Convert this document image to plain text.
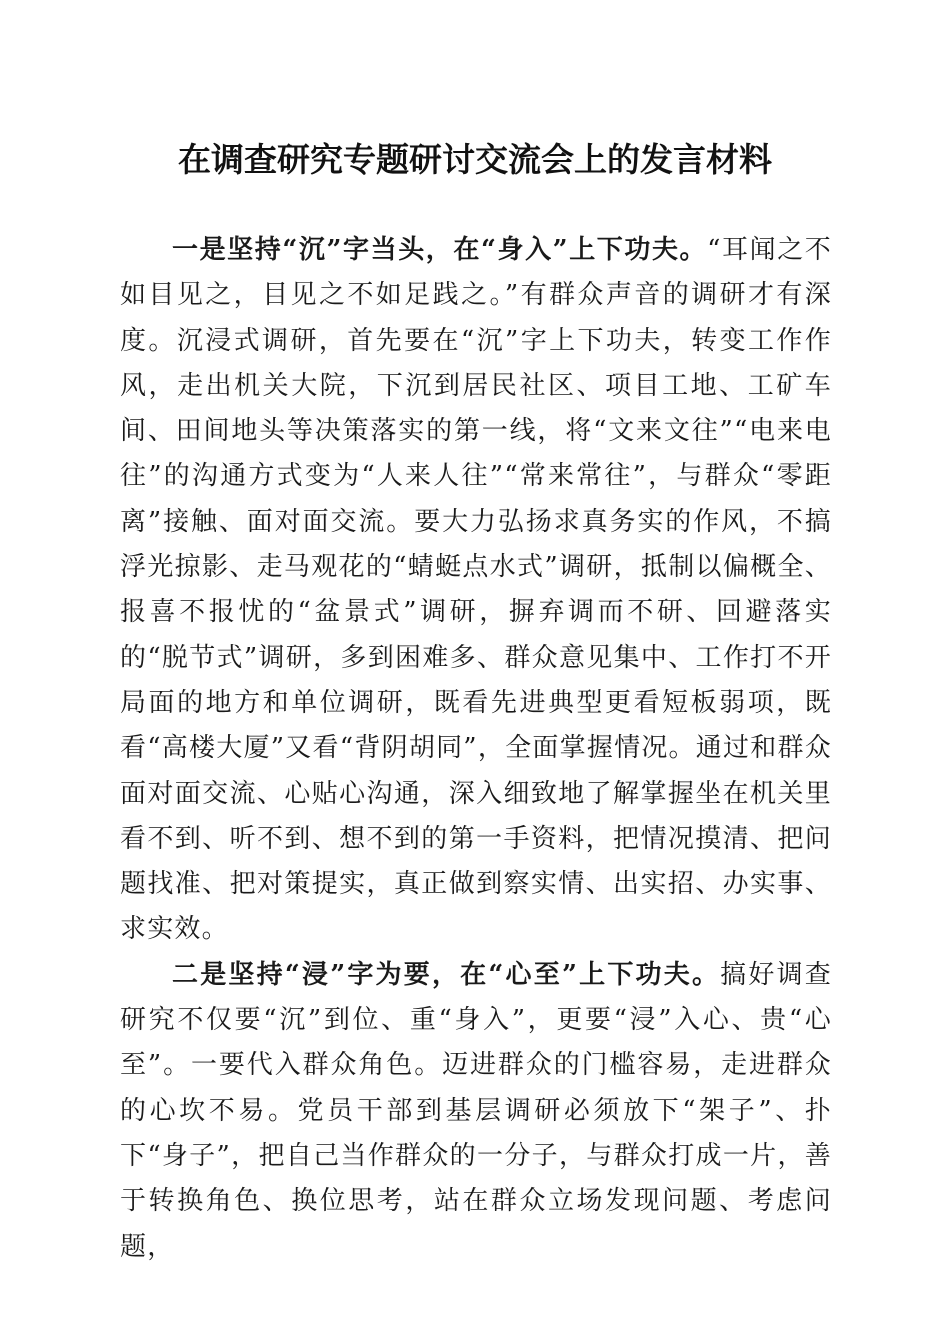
在调查研究专题研讨交流会上的发言材料

一是坚持“沉”字当头，在“身入”上下功夫。“耳闻之不如目见之，目见之不如足践之。”有群众声音的调研才有深度。沉浸式调研，首先要在“沉”字上下功夫，转变工作作风，走出机关大院，下沉到居民社区、项目工地、工矿车间、田间地头等决策落实的第一线，将“文来文往”“电来电往”的沟通方式变为“人来人往”“常来常往”，与群众“零距离”接触、面对面交流。要大力弘扬求真务实的作风，不搞浮光掠影、走马观花的“蜻蜓点水式”调研，抵制以偏概全、报喜不报忧的“盆景式”调研，摒弃调而不研、回避落实的“脱节式”调研，多到困难多、群众意见集中、工作打不开局面的地方和单位调研，既看先进典型更看短板弱项，既看“高楼大厦”又看“背阴胡同”，全面掌握情况。通过和群众面对面交流、心贴心沟通，深入细致地了解掌握坐在机关里看不到、听不到、想不到的第一手资料，把情况摸清、把问题找准、把对策提实，真正做到察实情、出实招、办实事、求实效。

二是坚持“浸”字为要，在“心至”上下功夫。搞好调查研究不仅要“沉”到位、重“身入”，更要“浸”入心、贵“心至”。一要代入群众角色。迈进群众的门槛容易，走进群众的心坎不易。党员干部到基层调研必须放下“架子”、扑下“身子”，把自己当作群众的一分子，与群众打成一片，善于转换角色、换位思考，站在群众立场发现问题、考虑问题，
